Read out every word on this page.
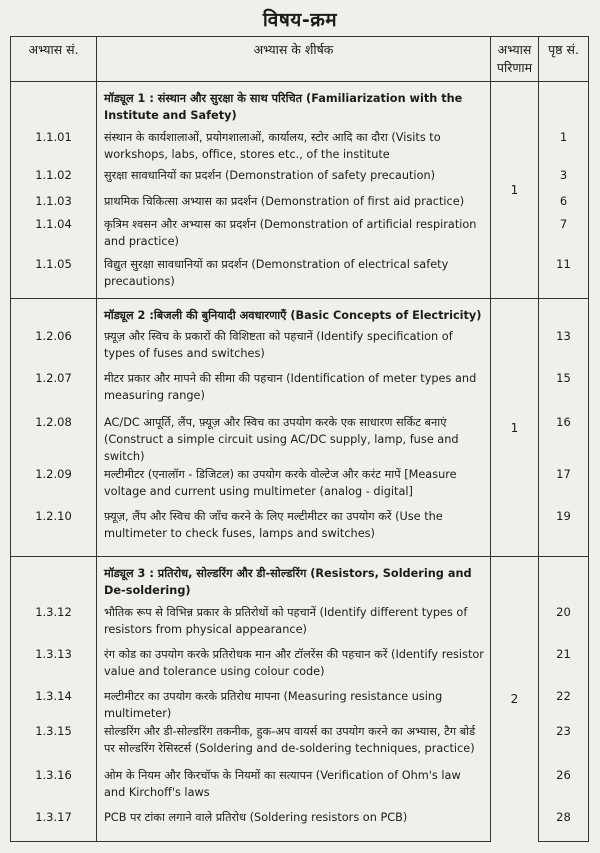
विषय-क्रम
अभ्यास सं.	अभ्यास के शीर्षक	अभ्यास परिणाम	पृष्ठ सं.
	मॉड्यूल 1 : संस्थान और सुरक्षा के साथ परिचित (Familiarization with the Institute and Safety)	1	
1.1.01	संस्थान के कार्यशालाओं, प्रयोगशालाओं, कार्यालय, स्टोर आदि का दौरा (Visits to workshops, labs, office, stores etc., of the institute		1
1.1.02	सुरक्षा सावधानियों का प्रदर्शन (Demonstration of safety precaution)		3
1.1.03	प्राथमिक चिकित्सा अभ्यास का प्रदर्शन (Demonstration of first aid practice)		6
1.1.04	कृत्रिम श्वसन और अभ्यास का प्रदर्शन (Demonstration of artificial respiration and practice)		7
1.1.05	विद्युत सुरक्षा सावधानियों का प्रदर्शन (Demonstration of electrical safety precautions)		11
	मॉड्यूल 2 :बिजली की बुनियादी अवधारणाएँ (Basic Concepts of Electricity)	1	
1.2.06	फ़्यूज़ और स्विच के प्रकारों की विशिष्टता को पहचानें (Identify specification of types of fuses and switches)		13
1.2.07	मीटर प्रकार और मापने की सीमा की पहचान (Identification of meter types and measuring range)		15
1.2.08	AC/DC आपूर्ति, लैंप, फ़्यूज़ और स्विच का उपयोग करके एक साधारण सर्किट बनाएं (Construct a simple circuit using AC/DC supply, lamp, fuse and switch)		16
1.2.09	मल्टीमीटर (एनालॉग - डिजिटल) का उपयोग करके वोल्टेज और करंट मापें [Measure voltage and current using multimeter (analog - digital]		17
1.2.10	फ़्यूज़, लैंप और स्विच की जाँच करने के लिए मल्टीमीटर का उपयोग करें (Use the multimeter to check fuses, lamps and switches)		19
	मॉड्यूल 3 : प्रतिरोध, सोल्डरिंग और डी-सोल्डरिंग (Resistors, Soldering and De-soldering)	2	
1.3.12	भौतिक रूप से विभिन्न प्रकार के प्रतिरोधों को पहचानें (Identify different types of resistors from physical appearance)		20
1.3.13	रंग कोड का उपयोग करके प्रतिरोधक मान और टॉलरेंस की पहचान करें (Identify resistor value and tolerance using colour code)		21
1.3.14	मल्टीमीटर का उपयोग करके प्रतिरोध मापना (Measuring resistance using multimeter)		22
1.3.15	सोल्डरिंग और डी-सोल्डरिंग तकनीक, हुक-अप वायर्स का उपयोग करने का अभ्यास, टैग बोर्ड पर सोल्डरिंग रेसिस्टर्स (Soldering and de-soldering techniques, practice)		23
1.3.16	ओम के नियम और किरचॉफ के नियमों का सत्यापन (Verification of Ohm's law and Kirchoff's laws		26
1.3.17	PCB पर टांका लगाने वाले प्रतिरोध (Soldering resistors on PCB)		28
